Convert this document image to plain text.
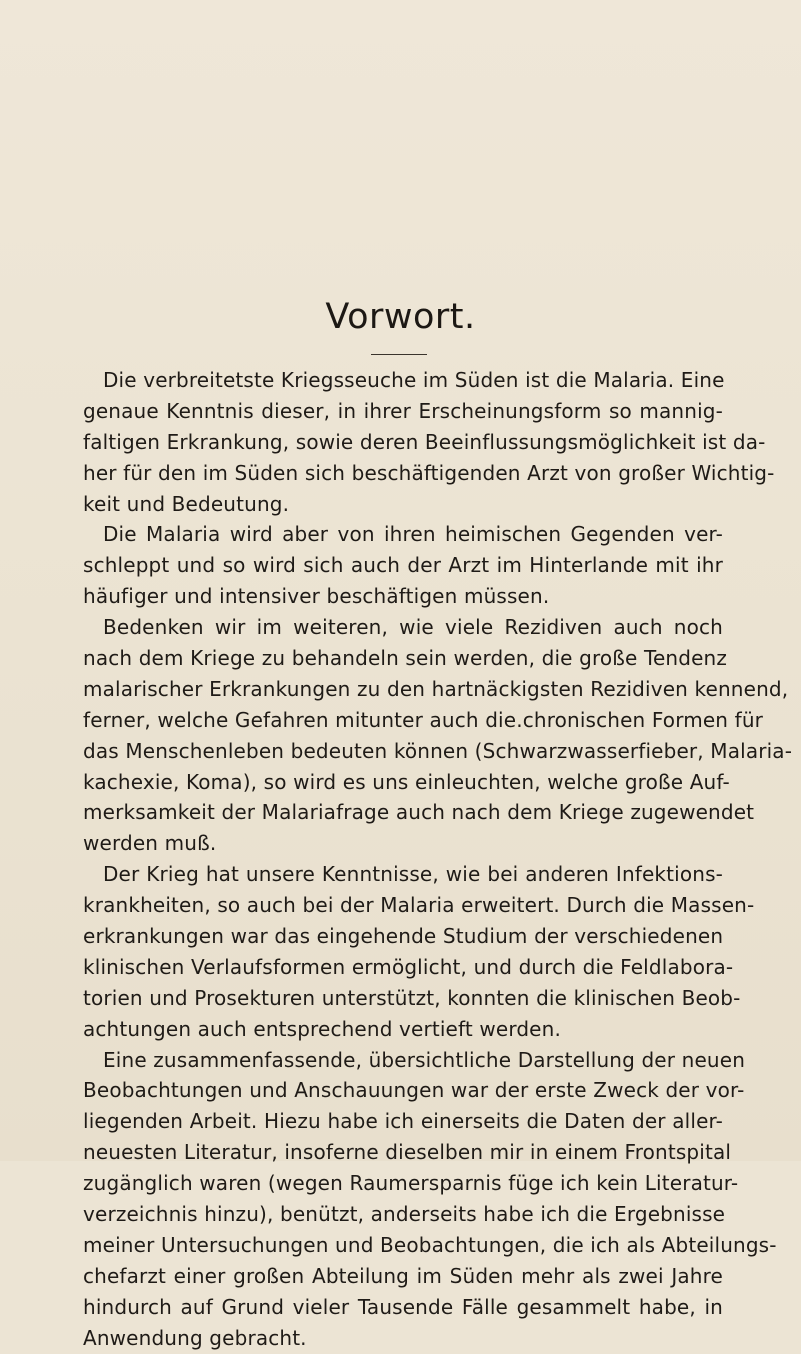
Vorwort.
Die verbreitetste Kriegsseuche im Süden ist die Malaria. Eine
genaue Kenntnis dieser, in ihrer Erscheinungsform so mannig-
faltigen Erkrankung, sowie deren Beeinflussungsmöglichkeit ist da-
her für den im Süden sich beschäftigenden Arzt von großer Wichtig-
keit und Bedeutung.
Die Malaria wird aber von ihren heimischen Gegenden ver-
schleppt und so wird sich auch der Arzt im Hinterlande mit ihr
häufiger und intensiver beschäftigen müssen.
Bedenken wir im weiteren, wie viele Rezidiven auch noch
nach dem Kriege zu behandeln sein werden, die große Tendenz
malarischer Erkrankungen zu den hartnäckigsten Rezidiven kennend,
ferner, welche Gefahren mitunter auch die.chronischen Formen für
das Menschenleben bedeuten können (Schwarzwasserfieber, Malaria-
kachexie, Koma), so wird es uns einleuchten, welche große Auf-
merksamkeit der Malariafrage auch nach dem Kriege zugewendet
werden muß.
Der Krieg hat unsere Kenntnisse, wie bei anderen Infektions-
krankheiten, so auch bei der Malaria erweitert. Durch die Massen-
erkrankungen war das eingehende Studium der verschiedenen
klinischen Verlaufsformen ermöglicht, und durch die Feldlabora-
torien und Prosekturen unterstützt, konnten die klinischen Beob-
achtungen auch entsprechend vertieft werden.
Eine zusammenfassende, übersichtliche Darstellung der neuen
Beobachtungen und Anschauungen war der erste Zweck der vor-
liegenden Arbeit. Hiezu habe ich einerseits die Daten der aller-
neuesten Literatur, insoferne dieselben mir in einem Frontspital
zugänglich waren (wegen Raumersparnis füge ich kein Literatur-
verzeichnis hinzu), benützt, anderseits habe ich die Ergebnisse
meiner Untersuchungen und Beobachtungen, die ich als Abteilungs-
chefarzt einer großen Abteilung im Süden mehr als zwei Jahre
hindurch auf Grund vieler Tausende Fälle gesammelt habe, in
Anwendung gebracht.
